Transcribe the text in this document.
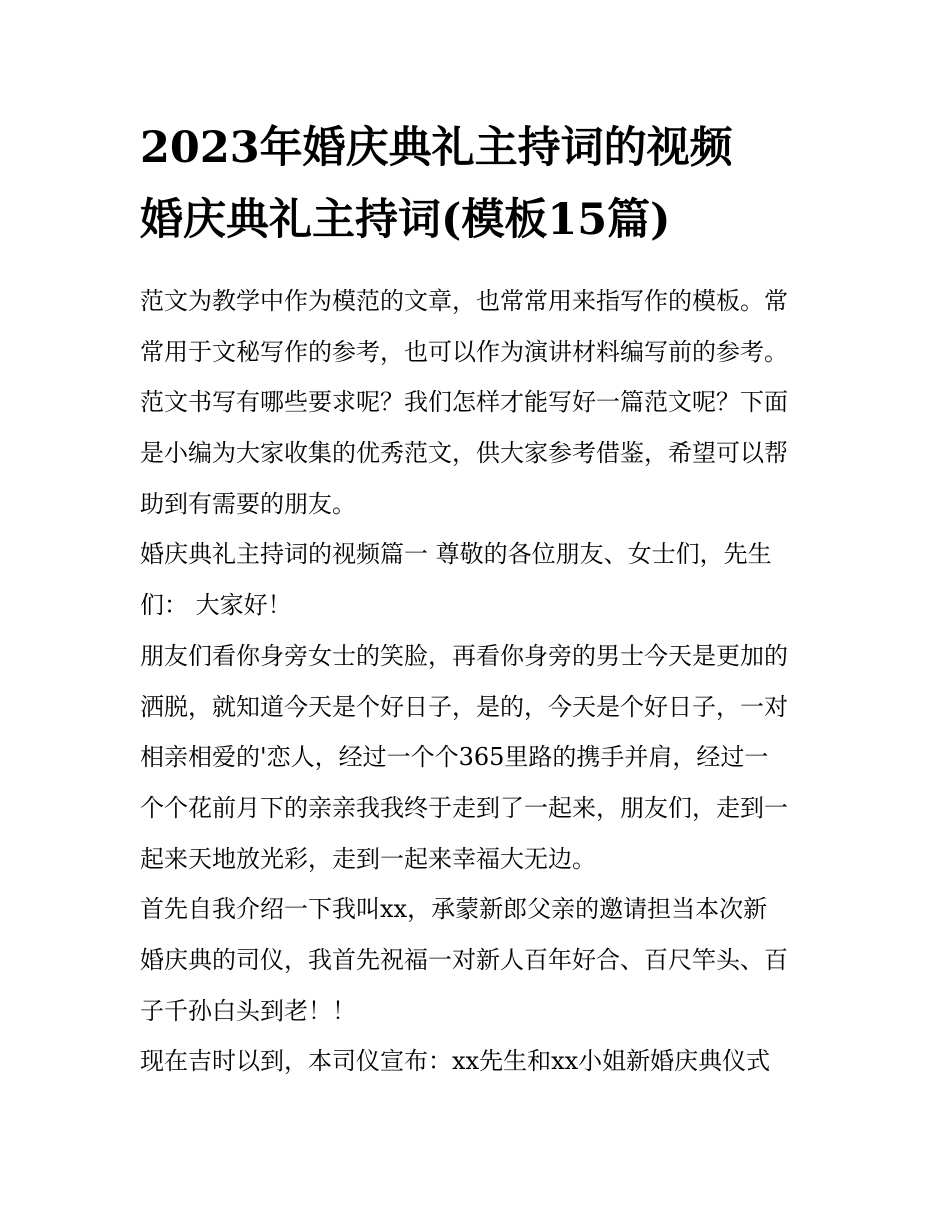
2023年婚庆典礼主持词的视频
婚庆典礼主持词(模板15篇)
范文为教学中作为模范的文章，也常常用来指写作的模板。常
常用于文秘写作的参考，也可以作为演讲材料编写前的参考。
范文书写有哪些要求呢？我们怎样才能写好一篇范文呢？下面
是小编为大家收集的优秀范文，供大家参考借鉴，希望可以帮
助到有需要的朋友。
婚庆典礼主持词的视频篇一 尊敬的各位朋友、女士们，先生
们： 大家好！
朋友们看你身旁女士的笑脸，再看你身旁的男士今天是更加的
洒脱，就知道今天是个好日子，是的，今天是个好日子，一对
相亲相爱的'恋人，经过一个个365里路的携手并肩，经过一
个个花前月下的亲亲我我终于走到了一起来，朋友们，走到一
起来天地放光彩，走到一起来幸福大无边。
首先自我介绍一下我叫xx，承蒙新郎父亲的邀请担当本次新
婚庆典的司仪，我首先祝福一对新人百年好合、百尺竿头、百
子千孙白头到老！！
现在吉时以到，本司仪宣布：xx先生和xx小姐新婚庆典仪式
